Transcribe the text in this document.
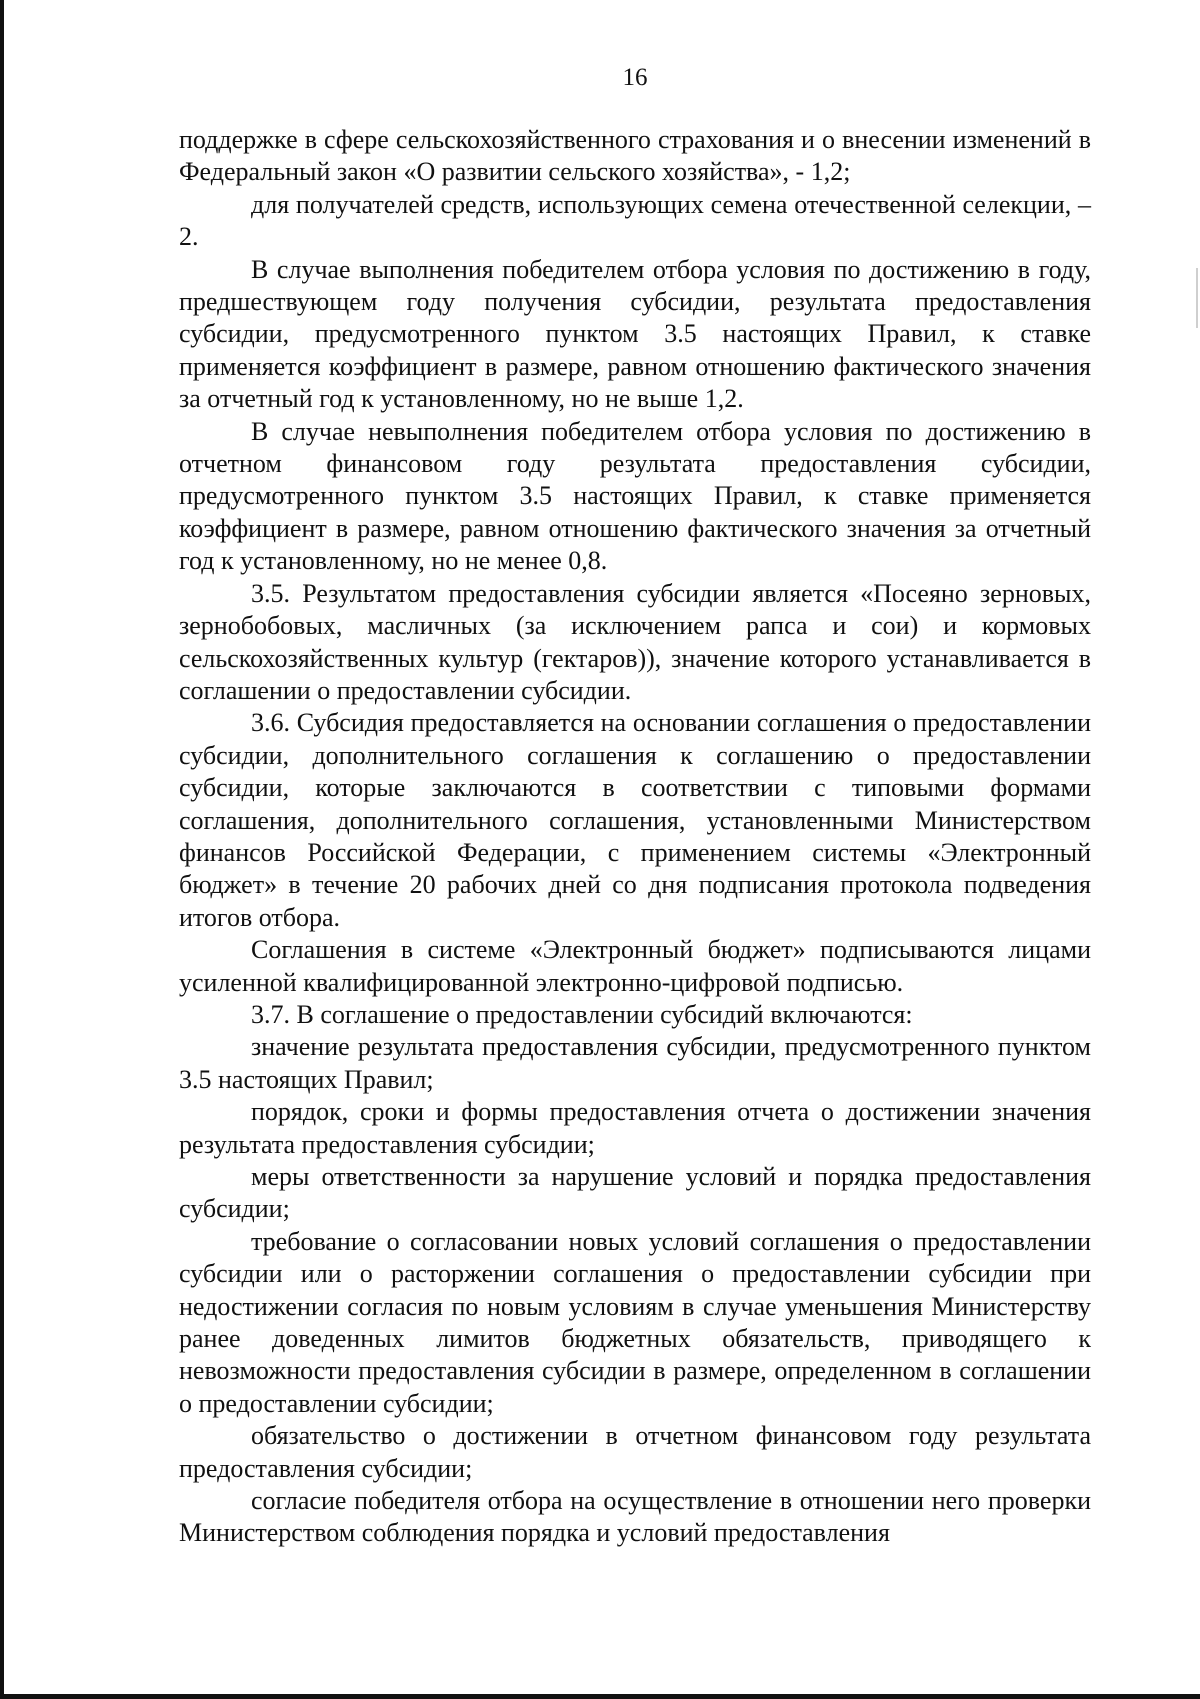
16

поддержке в сфере сельскохозяйственного страхования и о внесении изменений в Федеральный закон «О развитии сельского хозяйства», - 1,2;

для получателей средств, использующих семена отечественной селекции, – 2.

В случае выполнения победителем отбора условия по достижению в году, предшествующем году получения субсидии, результата предоставления субсидии, предусмотренного пунктом 3.5 настоящих Правил, к ставке применяется коэффициент в размере, равном отношению фактического значения за отчетный год к установленному, но не выше 1,2.

В случае невыполнения победителем отбора условия по достижению в отчетном финансовом году результата предоставления субсидии, предусмотренного пунктом 3.5 настоящих Правил, к ставке применяется коэффициент в размере, равном отношению фактического значения за отчетный год к установленному, но не менее 0,8.

3.5. Результатом предоставления субсидии является «Посеяно зерновых, зернобобовых, масличных (за исключением рапса и сои) и кормовых сельскохозяйственных культур (гектаров)), значение которого устанавливается в соглашении о предоставлении субсидии.

3.6. Субсидия предоставляется на основании соглашения о предоставлении субсидии, дополнительного соглашения к соглашению о предоставлении субсидии, которые заключаются в соответствии с типовыми формами соглашения, дополнительного соглашения, установленными Министерством финансов Российской Федерации, с применением системы «Электронный бюджет» в течение 20 рабочих дней со дня подписания протокола подведения итогов отбора.

Соглашения в системе «Электронный бюджет» подписываются лицами усиленной квалифицированной электронно-цифровой подписью.

3.7. В соглашение о предоставлении субсидий включаются:

значение результата предоставления субсидии, предусмотренного пунктом 3.5 настоящих Правил;

порядок, сроки и формы предоставления отчета о достижении значения результата предоставления субсидии;

меры ответственности за нарушение условий и порядка предоставления субсидии;

требование о согласовании новых условий соглашения о предоставлении субсидии или о расторжении соглашения о предоставлении субсидии при недостижении согласия по новым условиям в случае уменьшения Министерству ранее доведенных лимитов бюджетных обязательств, приводящего к невозможности предоставления субсидии в размере, определенном в соглашении о предоставлении субсидии;

обязательство о достижении в отчетном финансовом году результата предоставления субсидии;

согласие победителя отбора на осуществление в отношении него проверки Министерством соблюдения порядка и условий предоставления
